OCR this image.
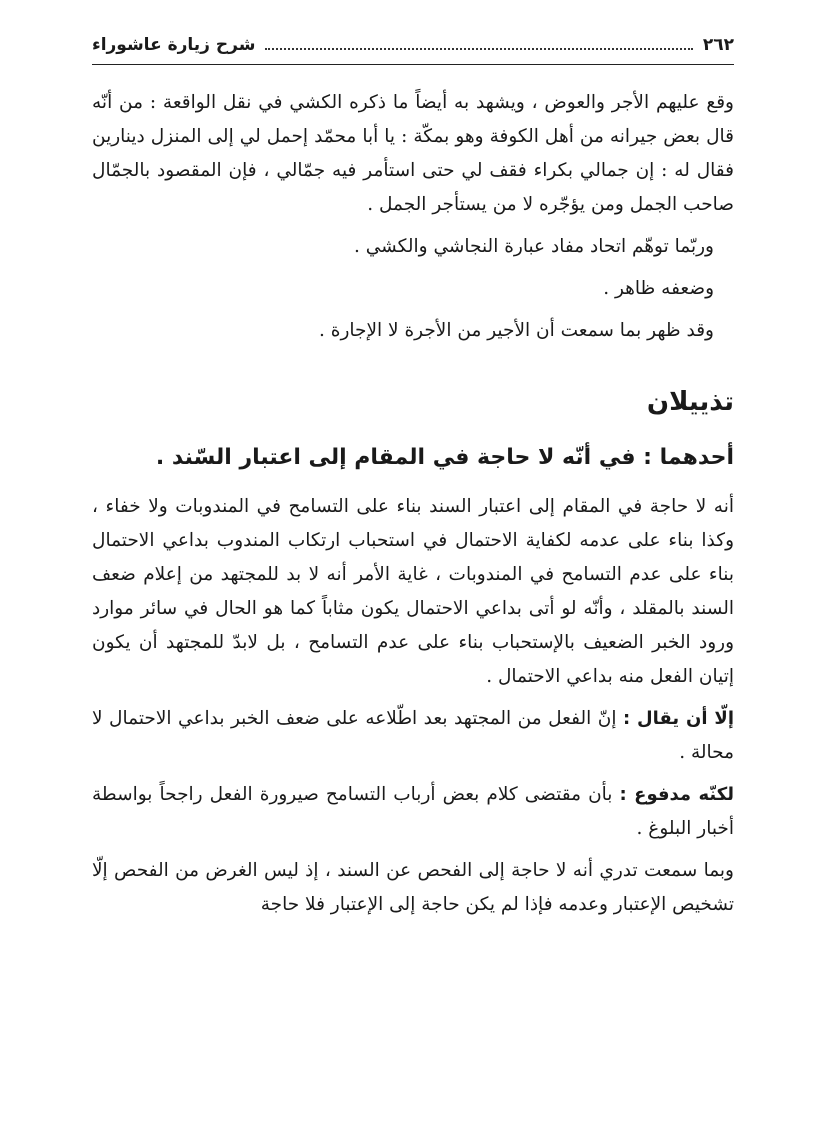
٢٦٢
شرح زيارة عاشوراء

وقع عليهم الأجر والعوض ، ويشهد به أيضاً ما ذكره الكشي في نقل الواقعة : من أنّه قال بعض جيرانه من أهل الكوفة وهو بمكّة : يا أبا محمّد إحمل لي إلى المنزل دينارين فقال له : إن جمالي بكراء فقف لي حتى استأمر فيه جمّالي ، فإن المقصود بالجمّال صاحب الجمل ومن يؤجّره لا من يستأجر الجمل .

وربّما توهّم اتحاد مفاد عبارة النجاشي والكشي .

وضعفه ظاهر .

وقد ظهر بما سمعت أن الأجير من الأجرة لا الإجارة .

تذييلان
أحدهما : في أنّه لا حاجة في المقام إلى اعتبار السّند .

أنه لا حاجة في المقام إلى اعتبار السند بناء على التسامح في المندوبات ولا خفاء ، وكذا بناء على عدمه لكفاية الاحتمال في استحباب ارتكاب المندوب بداعي الاحتمال بناء على عدم التسامح في المندوبات ، غاية الأمر أنه لا بد للمجتهد من إعلام ضعف السند بالمقلد ، وأنّه لو أتى بداعي الاحتمال يكون مثاباً كما هو الحال في سائر موارد ورود الخبر الضعيف بالإستحباب بناء على عدم التسامح ، بل لابدّ للمجتهد أن يكون إتيان الفعل منه بداعي الاحتمال .

إلّا أن يقال : إنّ الفعل من المجتهد بعد اطّلاعه على ضعف الخبر بداعي الاحتمال لا محالة .

لكنّه مدفوع : بأن مقتضى كلام بعض أرباب التسامح صيرورة الفعل راجحاً بواسطة أخبار البلوغ .

وبما سمعت تدري أنه لا حاجة إلى الفحص عن السند ، إذ ليس الغرض من الفحص إلّا تشخيص الإعتبار وعدمه فإذا لم يكن حاجة إلى الإعتبار فلا حاجة
